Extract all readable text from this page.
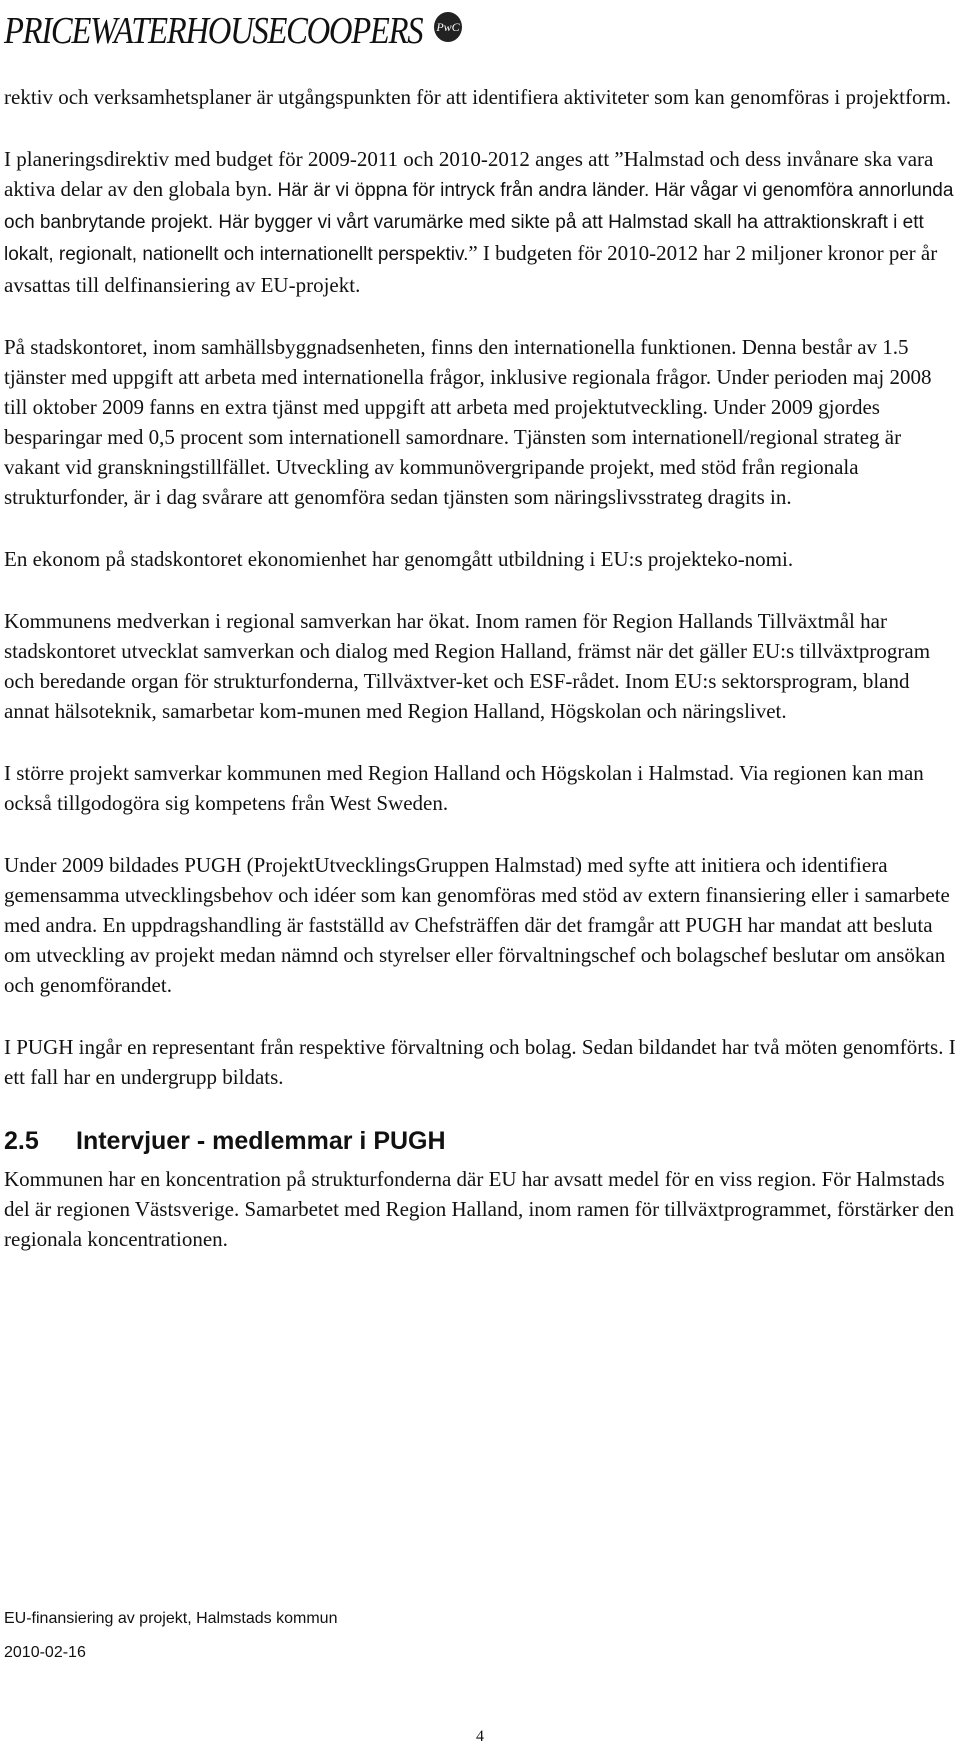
PRICEWATERHOUSECOOPERS PwC

rektiv och verksamhetsplaner är utgångspunkten för att identifiera aktiviteter som kan genomföras i projektform.

I planeringsdirektiv med budget för 2009-2011 och 2010-2012 anges att ”Halmstad och dess invånare ska vara aktiva delar av den globala byn. Här är vi öppna för intryck från andra länder. Här vågar vi genomföra annorlunda och banbrytande projekt. Här bygger vi vårt varumärke med sikte på att Halmstad skall ha attraktionskraft i ett lokalt, regionalt, nationellt och internationellt perspektiv.” I budgeten för 2010-2012 har 2 miljoner kronor per år avsattas till delfinansiering av EU-projekt.

På stadskontoret, inom samhällsbyggnadsenheten, finns den internationella funktionen. Denna består av 1.5 tjänster med uppgift att arbeta med internationella frågor, inklusive regionala frågor. Under perioden maj 2008 till oktober 2009 fanns en extra tjänst med uppgift att arbeta med projektutveckling. Under 2009 gjordes besparingar med 0,5 procent som internationell samordnare. Tjänsten som internationell/regional strateg är vakant vid granskningstillfället. Utveckling av kommunövergripande projekt, med stöd från regionala strukturfonder, är i dag svårare att genomföra sedan tjänsten som näringslivsstrateg dragits in.

En ekonom på stadskontoret ekonomienhet har genomgått utbildning i EU:s projekteko-nomi.

Kommunens medverkan i regional samverkan har ökat. Inom ramen för Region Hallands Tillväxtmål har stadskontoret utvecklat samverkan och dialog med Region Halland, främst när det gäller EU:s tillväxtprogram och beredande organ för strukturfonderna, Tillväxtver-ket och ESF-rådet. Inom EU:s sektorsprogram, bland annat hälsoteknik, samarbetar kom-munen med Region Halland, Högskolan och näringslivet.

I större projekt samverkar kommunen med Region Halland och Högskolan i Halmstad. Via regionen kan man också tillgodogöra sig kompetens från West Sweden.

Under 2009 bildades PUGH (ProjektUtvecklingsGruppen Halmstad) med syfte att initiera och identifiera gemensamma utvecklingsbehov och idéer som kan genomföras med stöd av extern finansiering eller i samarbete med andra. En uppdragshandling är fastställd av Chefsträffen där det framgår att PUGH har mandat att besluta om utveckling av projekt medan nämnd och styrelser eller förvaltningschef och bolagschef beslutar om ansökan och genomförandet.

I PUGH ingår en representant från respektive förvaltning och bolag. Sedan bildandet har två möten genomförts. I ett fall har en undergrupp bildats.

2.5 Intervjuer - medlemmar i PUGH

Kommunen har en koncentration på strukturfonderna där EU har avsatt medel för en viss region. För Halmstads del är regionen Västsverige. Samarbetet med Region Halland, inom ramen för tillväxtprogrammet, förstärker den regionala koncentrationen.

EU-finansiering av projekt, Halmstads kommun
2010-02-16
4
